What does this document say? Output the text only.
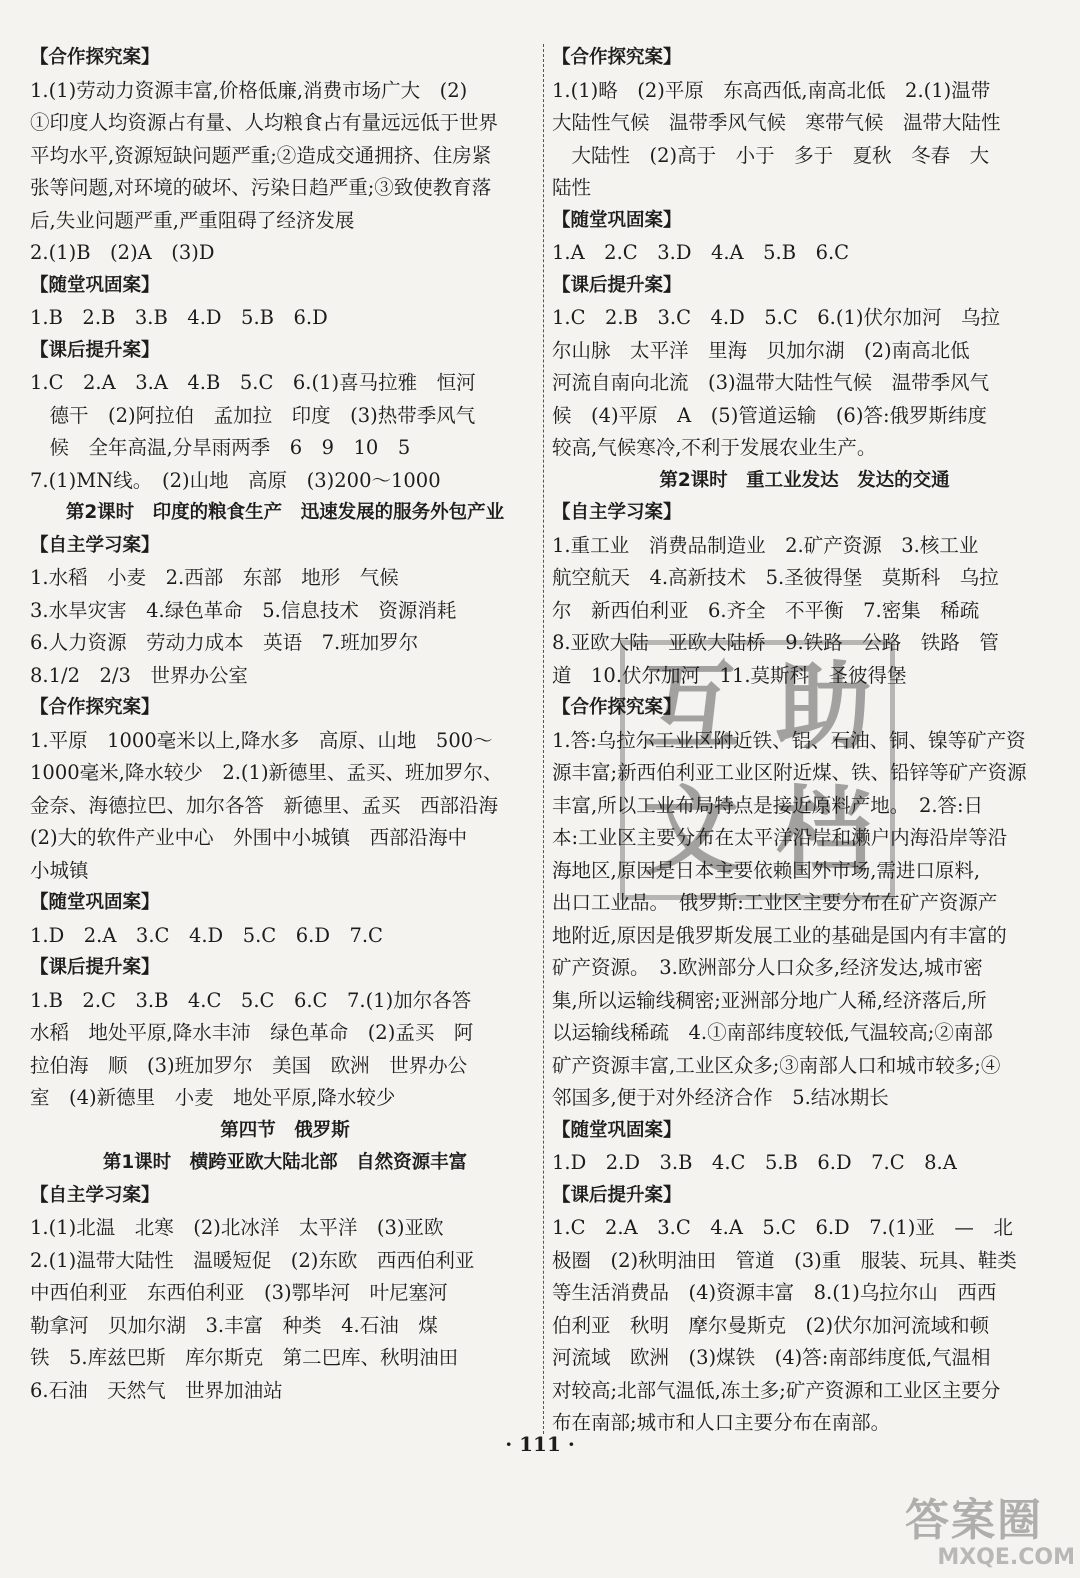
【合作探究案】
1.(1)劳动力资源丰富,价格低廉,消费市场广大　(2)
①印度人均资源占有量、人均粮食占有量远远低于世界
平均水平,资源短缺问题严重;②造成交通拥挤、住房紧
张等问题,对环境的破坏、污染日趋严重;③致使教育落
后,失业问题严重,严重阻碍了经济发展
2.(1)B　(2)A　(3)D
【随堂巩固案】
1.B　2.B　3.B　4.D　5.B　6.D
【课后提升案】
1.C　2.A　3.A　4.B　5.C　6.(1)喜马拉雅　恒河
　德干　(2)阿拉伯　孟加拉　印度　(3)热带季风气
　候　全年高温,分旱雨两季　6　9　10　5
7.(1)MN线。　(2)山地　高原　(3)200～1000
第2课时　印度的粮食生产　迅速发展的服务外包产业
【自主学习案】
1.水稻　小麦　2.西部　东部　地形　气候
3.水旱灾害　4.绿色革命　5.信息技术　资源消耗
6.人力资源　劳动力成本　英语　7.班加罗尔
8.1/2　2/3　世界办公室
【合作探究案】
1.平原　1000毫米以上,降水多　高原、山地　500～
1000毫米,降水较少　2.(1)新德里、孟买、班加罗尔、
金奈、海德拉巴、加尔各答　新德里、孟买　西部沿海
(2)大的软件产业中心　外围中小城镇　西部沿海中
小城镇
【随堂巩固案】
1.D　2.A　3.C　4.D　5.C　6.D　7.C
【课后提升案】
1.B　2.C　3.B　4.C　5.C　6.C　7.(1)加尔各答
水稻　地处平原,降水丰沛　绿色革命　(2)孟买　阿
拉伯海　顺　(3)班加罗尔　美国　欧洲　世界办公
室　(4)新德里　小麦　地处平原,降水较少
第四节　俄罗斯
第1课时　横跨亚欧大陆北部　自然资源丰富
【自主学习案】
1.(1)北温　北寒　(2)北冰洋　太平洋　(3)亚欧
2.(1)温带大陆性　温暖短促　(2)东欧　西西伯利亚
中西伯利亚　东西伯利亚　(3)鄂毕河　叶尼塞河
勒拿河　贝加尔湖　3.丰富　种类　4.石油　煤
铁　5.库兹巴斯　库尔斯克　第二巴库、秋明油田
6.石油　天然气　世界加油站
【合作探究案】
1.(1)略　(2)平原　东高西低,南高北低　2.(1)温带
大陆性气候　温带季风气候　寒带气候　温带大陆性
　大陆性　(2)高于　小于　多于　夏秋　冬春　大
陆性
【随堂巩固案】
1.A　2.C　3.D　4.A　5.B　6.C
【课后提升案】
1.C　2.B　3.C　4.D　5.C　6.(1)伏尔加河　乌拉
尔山脉　太平洋　里海　贝加尔湖　(2)南高北低
河流自南向北流　(3)温带大陆性气候　温带季风气
候　(4)平原　A　(5)管道运输　(6)答:俄罗斯纬度
较高,气候寒冷,不利于发展农业生产。
第2课时　重工业发达　发达的交通
【自主学习案】
1.重工业　消费品制造业　2.矿产资源　3.核工业
航空航天　4.高新技术　5.圣彼得堡　莫斯科　乌拉
尔　新西伯利亚　6.齐全　不平衡　7.密集　稀疏
8.亚欧大陆　亚欧大陆桥　9.铁路　公路　铁路　管
道　10.伏尔加河　11.莫斯科　圣彼得堡
【合作探究案】
1.答:乌拉尔工业区附近铁、铝、石油、铜、镍等矿产资
源丰富;新西伯利亚工业区附近煤、铁、铅锌等矿产资源
丰富,所以工业布局特点是接近原料产地。　2.答:日
本:工业区主要分布在太平洋沿岸和濑户内海沿岸等沿
海地区,原因是日本主要依赖国外市场,需进口原料,
出口工业品。　俄罗斯:工业区主要分布在矿产资源产
地附近,原因是俄罗斯发展工业的基础是国内有丰富的
矿产资源。　3.欧洲部分人口众多,经济发达,城市密
集,所以运输线稠密;亚洲部分地广人稀,经济落后,所
以运输线稀疏　4.①南部纬度较低,气温较高;②南部
矿产资源丰富,工业区众多;③南部人口和城市较多;④
邻国多,便于对外经济合作　5.结冰期长
【随堂巩固案】
1.D　2.D　3.B　4.C　5.B　6.D　7.C　8.A
【课后提升案】
1.C　2.A　3.C　4.A　5.C　6.D　7.(1)亚　—　北
极圈　(2)秋明油田　管道　(3)重　服装、玩具、鞋类
等生活消费品　(4)资源丰富　8.(1)乌拉尔山　西西
伯利亚　秋明　摩尔曼斯克　(2)伏尔加河流域和顿
河流域　欧洲　(3)煤铁　(4)答:南部纬度低,气温相
对较高;北部气温低,冻土多;矿产资源和工业区主要分
布在南部;城市和人口主要分布在南部。
· 111 ·
互 助
文 档
答案圈
MXQE.COM
